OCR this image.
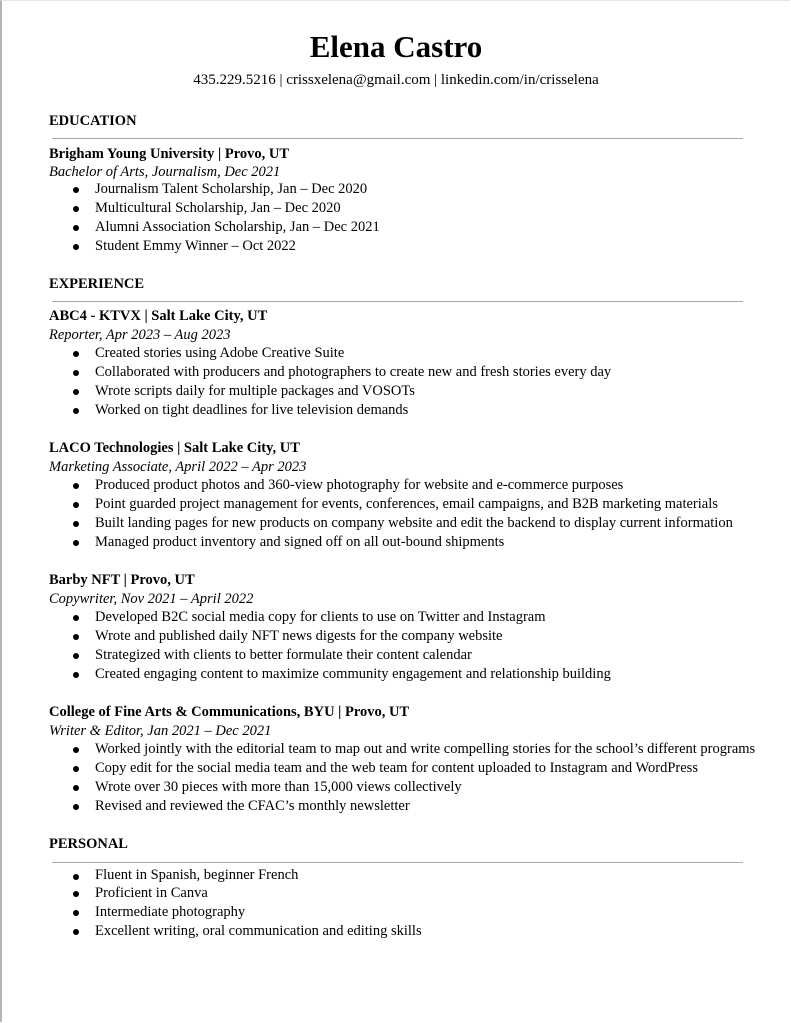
Elena Castro
435.229.5216 | crissxelena@gmail.com | linkedin.com/in/crisselena
EDUCATION
Brigham Young University | Provo, UT
Bachelor of Arts, Journalism, Dec 2021
Journalism Talent Scholarship, Jan – Dec 2020
Multicultural Scholarship, Jan – Dec 2020
Alumni Association Scholarship, Jan – Dec 2021
Student Emmy Winner – Oct 2022
EXPERIENCE
ABC4 - KTVX | Salt Lake City, UT
Reporter, Apr 2023 – Aug 2023
Created stories using Adobe Creative Suite
Collaborated with producers and photographers to create new and fresh stories every day
Wrote scripts daily for multiple packages and VOSOTs
Worked on tight deadlines for live television demands
LACO Technologies | Salt Lake City, UT
Marketing Associate, April 2022 – Apr 2023
Produced product photos and 360-view photography for website and e-commerce purposes
Point guarded project management for events, conferences, email campaigns, and B2B marketing materials
Built landing pages for new products on company website and edit the backend to display current information
Managed product inventory and signed off on all out-bound shipments
Barby NFT | Provo, UT
Copywriter, Nov 2021 – April 2022
Developed B2C social media copy for clients to use on Twitter and Instagram
Wrote and published daily NFT news digests for the company website
Strategized with clients to better formulate their content calendar
Created engaging content to maximize community engagement and relationship building
College of Fine Arts & Communications, BYU | Provo, UT
Writer & Editor, Jan 2021 – Dec 2021
Worked jointly with the editorial team to map out and write compelling stories for the school’s different programs
Copy edit for the social media team and the web team for content uploaded to Instagram and WordPress
Wrote over 30 pieces with more than 15,000 views collectively
Revised and reviewed the CFAC’s monthly newsletter
PERSONAL
Fluent in Spanish, beginner French
Proficient in Canva
Intermediate photography
Excellent writing, oral communication and editing skills
